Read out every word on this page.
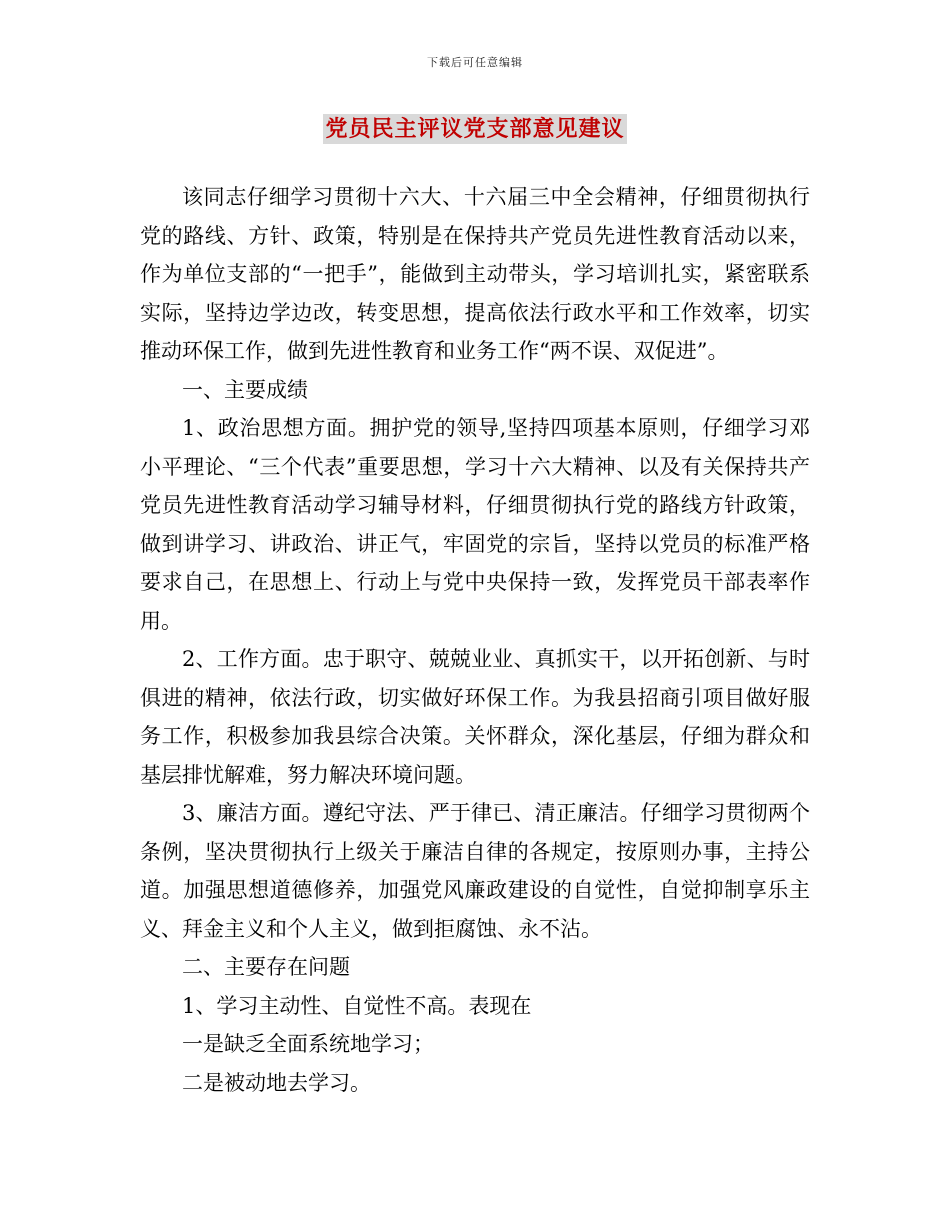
下载后可任意编辑
党员民主评议党支部意见建议

该同志仔细学习贯彻十六大、十六届三中全会精神，仔细贯彻执行党的路线、方针、政策，特别是在保持共产党员先进性教育活动以来，作为单位支部的“一把手”，能做到主动带头，学习培训扎实，紧密联系实际，坚持边学边改，转变思想，提高依法行政水平和工作效率，切实推动环保工作，做到先进性教育和业务工作“两不误、双促进”。

一、主要成绩

1、政治思想方面。拥护党的领导,坚持四项基本原则，仔细学习邓小平理论、“三个代表”重要思想，学习十六大精神、以及有关保持共产党员先进性教育活动学习辅导材料，仔细贯彻执行党的路线方针政策，做到讲学习、讲政治、讲正气，牢固党的宗旨，坚持以党员的标准严格要求自己，在思想上、行动上与党中央保持一致，发挥党员干部表率作用。

2、工作方面。忠于职守、兢兢业业、真抓实干，以开拓创新、与时俱进的精神，依法行政，切实做好环保工作。为我县招商引项目做好服务工作，积极参加我县综合决策。关怀群众，深化基层，仔细为群众和基层排忧解难，努力解决环境问题。

3、廉洁方面。遵纪守法、严于律已、清正廉洁。仔细学习贯彻两个条例，坚决贯彻执行上级关于廉洁自律的各规定，按原则办事，主持公道。加强思想道德修养，加强党风廉政建设的自觉性，自觉抑制享乐主义、拜金主义和个人主义，做到拒腐蚀、永不沾。

二、主要存在问题

1、学习主动性、自觉性不高。表现在

一是缺乏全面系统地学习；

二是被动地去学习。
